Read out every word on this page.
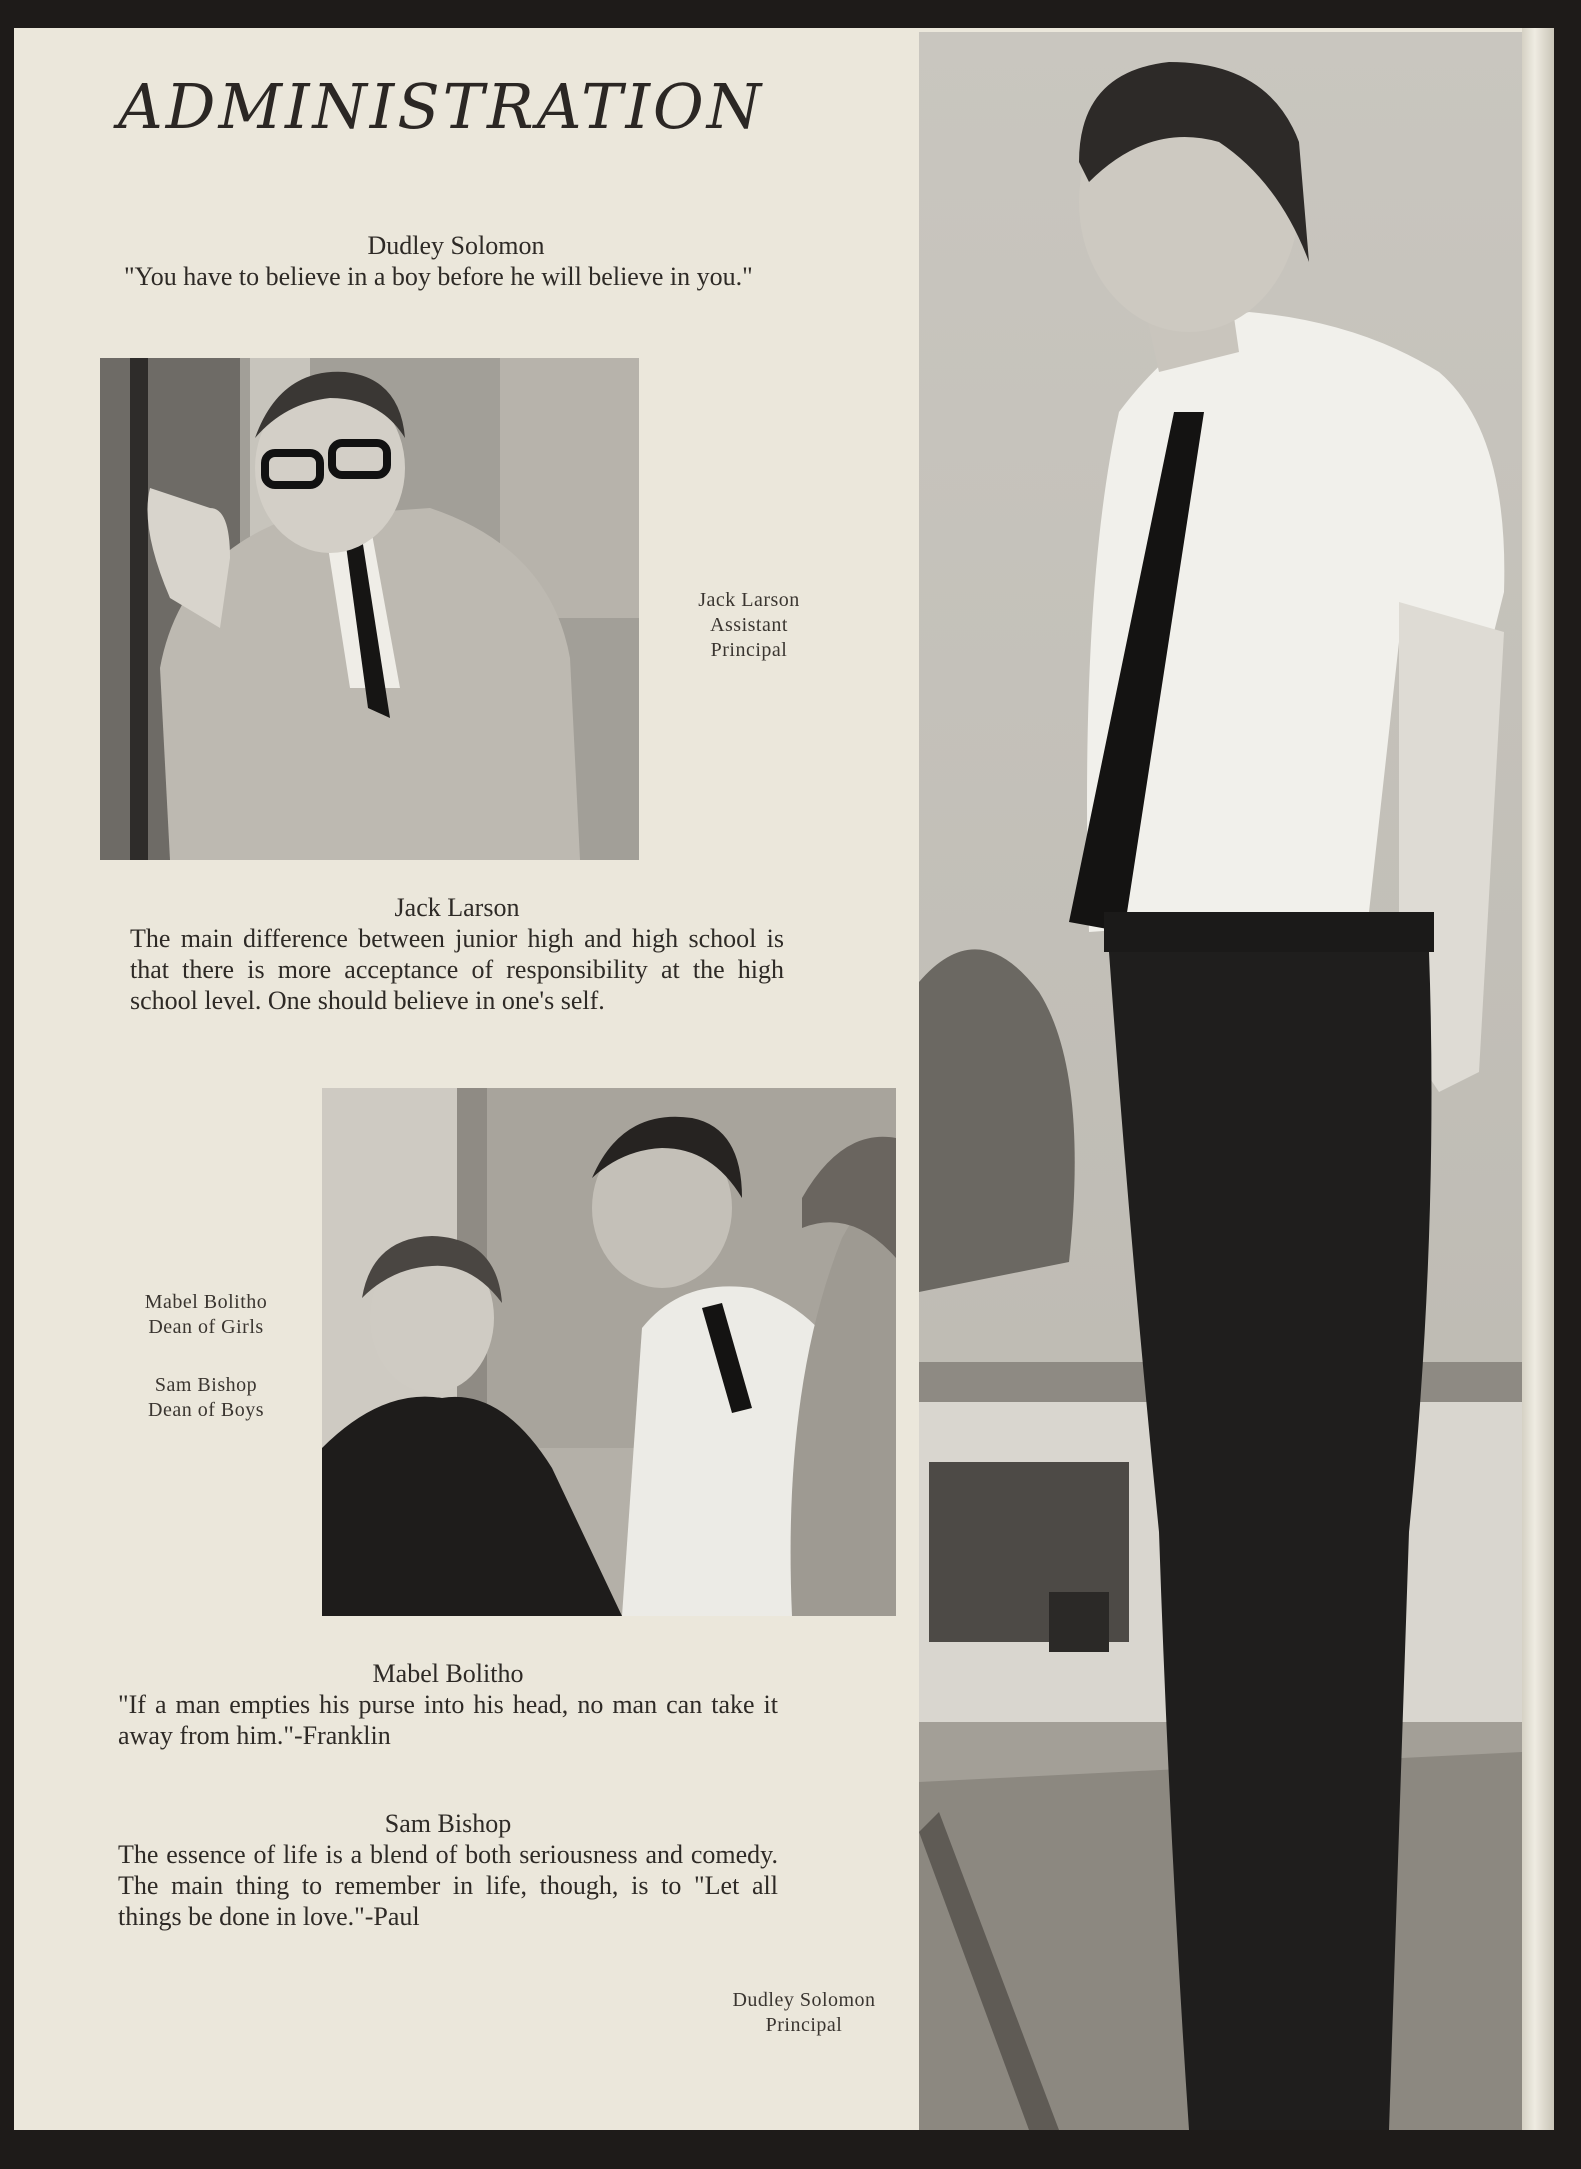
ADMINISTRATION
Dudley Solomon
"You have to believe in a boy before he will believe in you."
Jack Larson
Assistant
Principal
Jack Larson
The main difference between junior high and high school is that there is more acceptance of responsibility at the high school level. One should believe in one's self.
Mabel Bolitho
Dean of Girls
Sam Bishop
Dean of Boys
Mabel Bolitho
"If a man empties his purse into his head, no man can take it away from him."-Franklin
Sam Bishop
The essence of life is a blend of both seriousness and comedy. The main thing to remember in life, though, is to "Let all things be done in love."-Paul
Dudley Solomon
Principal
